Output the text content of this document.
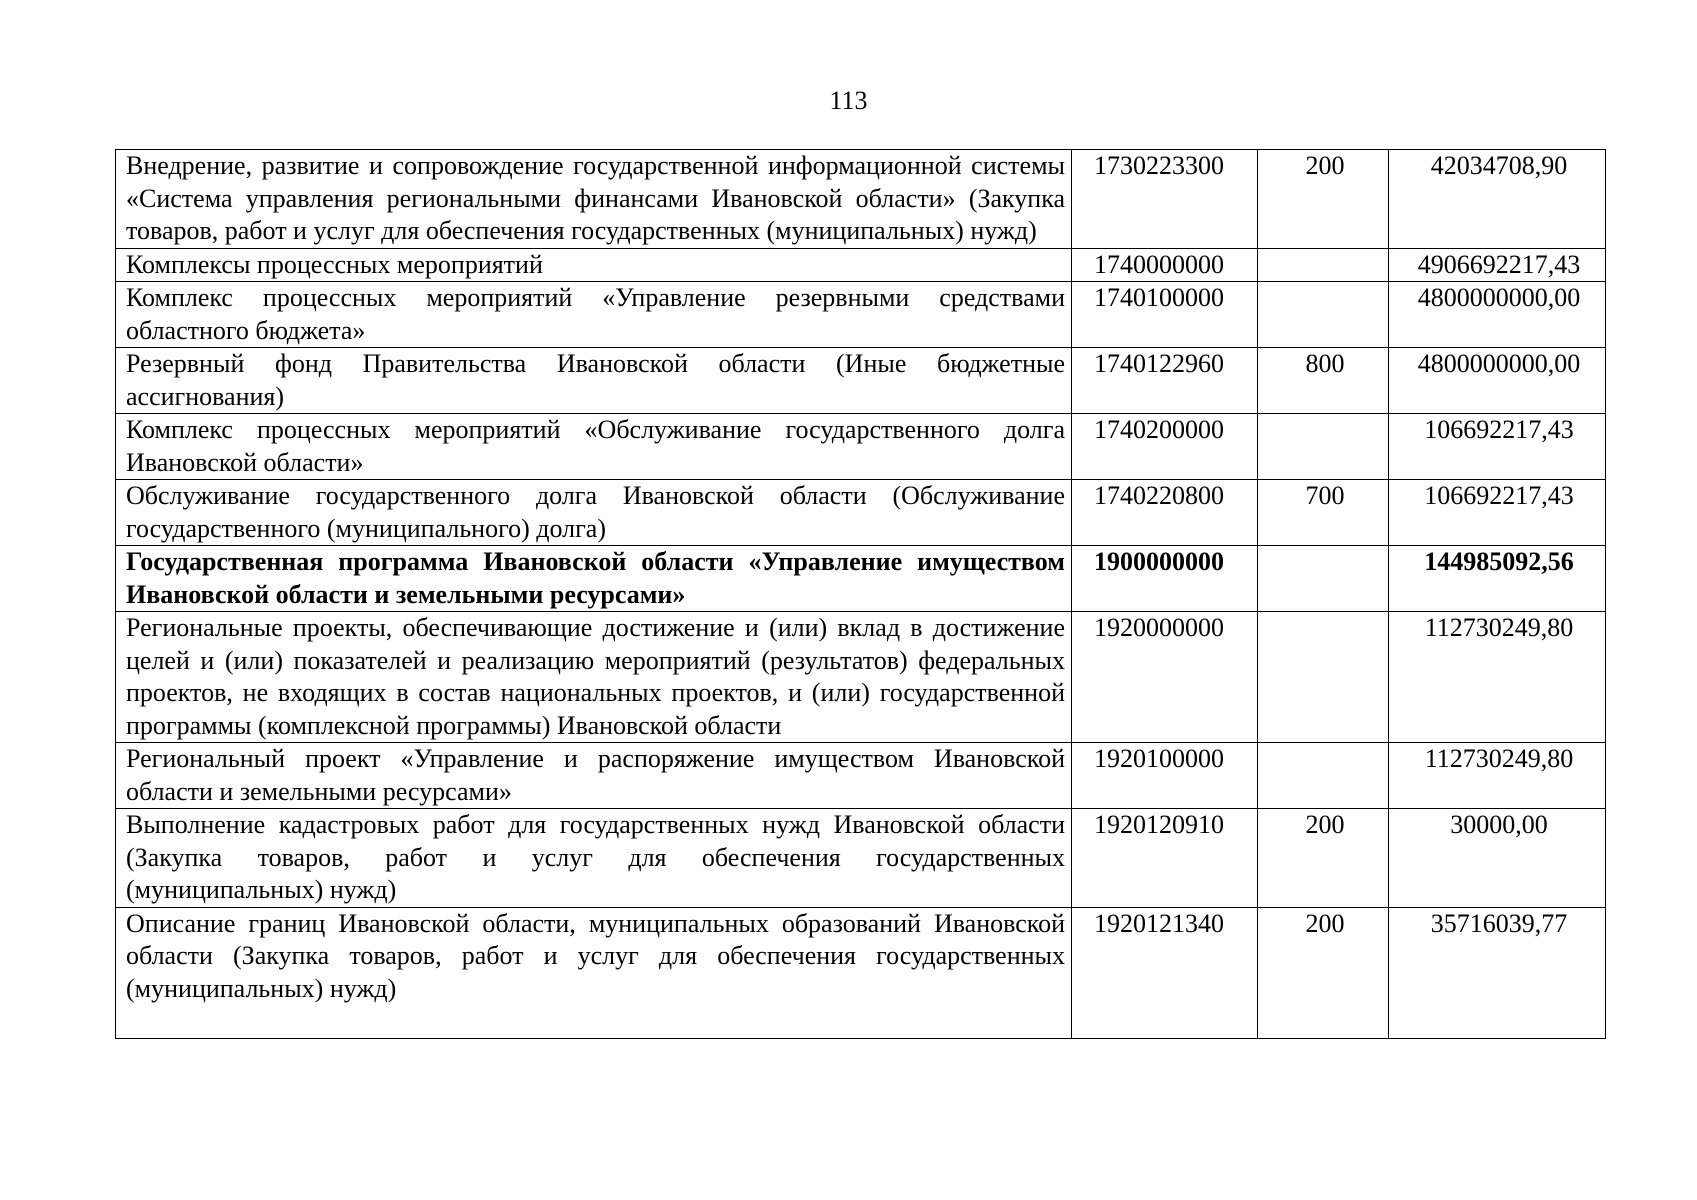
113
Внедрение, развитие и сопровождение государственной информационной системы «Система управления региональными финансами Ивановской области» (Закупка товаров, работ и услуг для обеспечения государственных (муниципальных) нужд)	1730223300	200	42034708,90
Комплексы процессных мероприятий	1740000000		4906692217,43
Комплекс процессных мероприятий «Управление резервными средствами областного бюджета»	1740100000		4800000000,00
Резервный фонд Правительства Ивановской области (Иные бюджетные ассигнования)	1740122960	800	4800000000,00
Комплекс процессных мероприятий «Обслуживание государственного долга Ивановской области»	1740200000		106692217,43
Обслуживание государственного долга Ивановской области (Обслуживание государственного (муниципального) долга)	1740220800	700	106692217,43
Государственная программа Ивановской области «Управление имуществом Ивановской области и земельными ресурсами»	1900000000		144985092,56
Региональные проекты, обеспечивающие достижение и (или) вклад в достижение целей и (или) показателей и реализацию мероприятий (результатов) федеральных проектов, не входящих в состав национальных проектов, и (или) государственной программы (комплексной программы) Ивановской области	1920000000		112730249,80
Региональный проект «Управление и распоряжение имуществом Ивановской области и земельными ресурсами»	1920100000		112730249,80
Выполнение кадастровых работ для государственных нужд Ивановской области (Закупка товаров, работ и услуг для обеспечения государственных (муниципальных) нужд)	1920120910	200	30000,00
Описание границ Ивановской области, муниципальных образований Ивановской области (Закупка товаров, работ и услуг для обеспечения государственных (муниципальных) нужд)	1920121340	200	35716039,77
